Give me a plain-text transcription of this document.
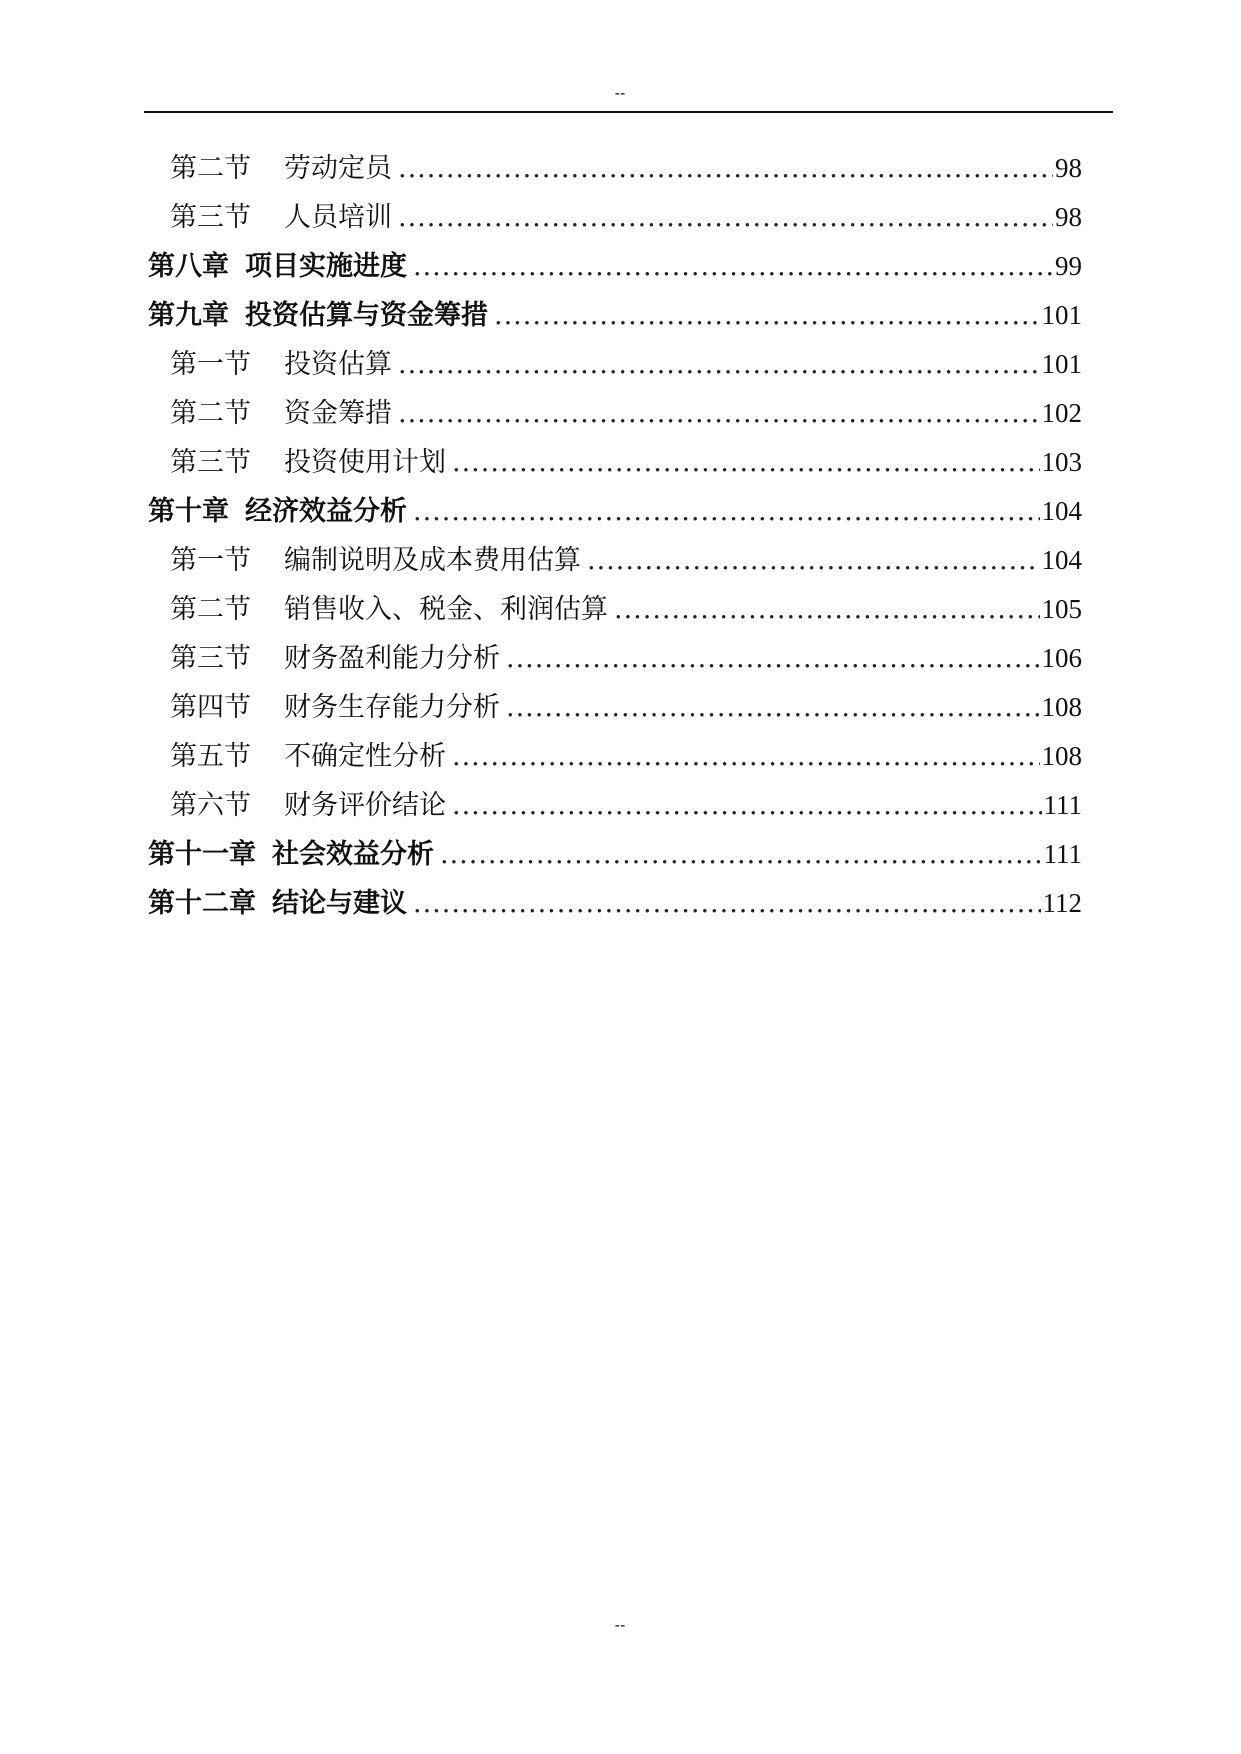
--
第二节	劳动定员 .....	98
第三节	人员培训 .....	98
第八章 项目实施进度 .....	99
第九章 投资估算与资金筹措 .....	101
第一节	投资估算 .....	101
第二节	资金筹措 .....	102
第三节	投资使用计划 .....	103
第十章 经济效益分析 .....	104
第一节	编制说明及成本费用估算 .....	104
第二节	销售收入、税金、利润估算 .....	105
第三节	财务盈利能力分析 .....	106
第四节	财务生存能力分析 .....	108
第五节	不确定性分析 .....	108
第六节	财务评价结论 .....	111
第十一章 社会效益分析 .....	111
第十二章 结论与建议 .....	112
--
